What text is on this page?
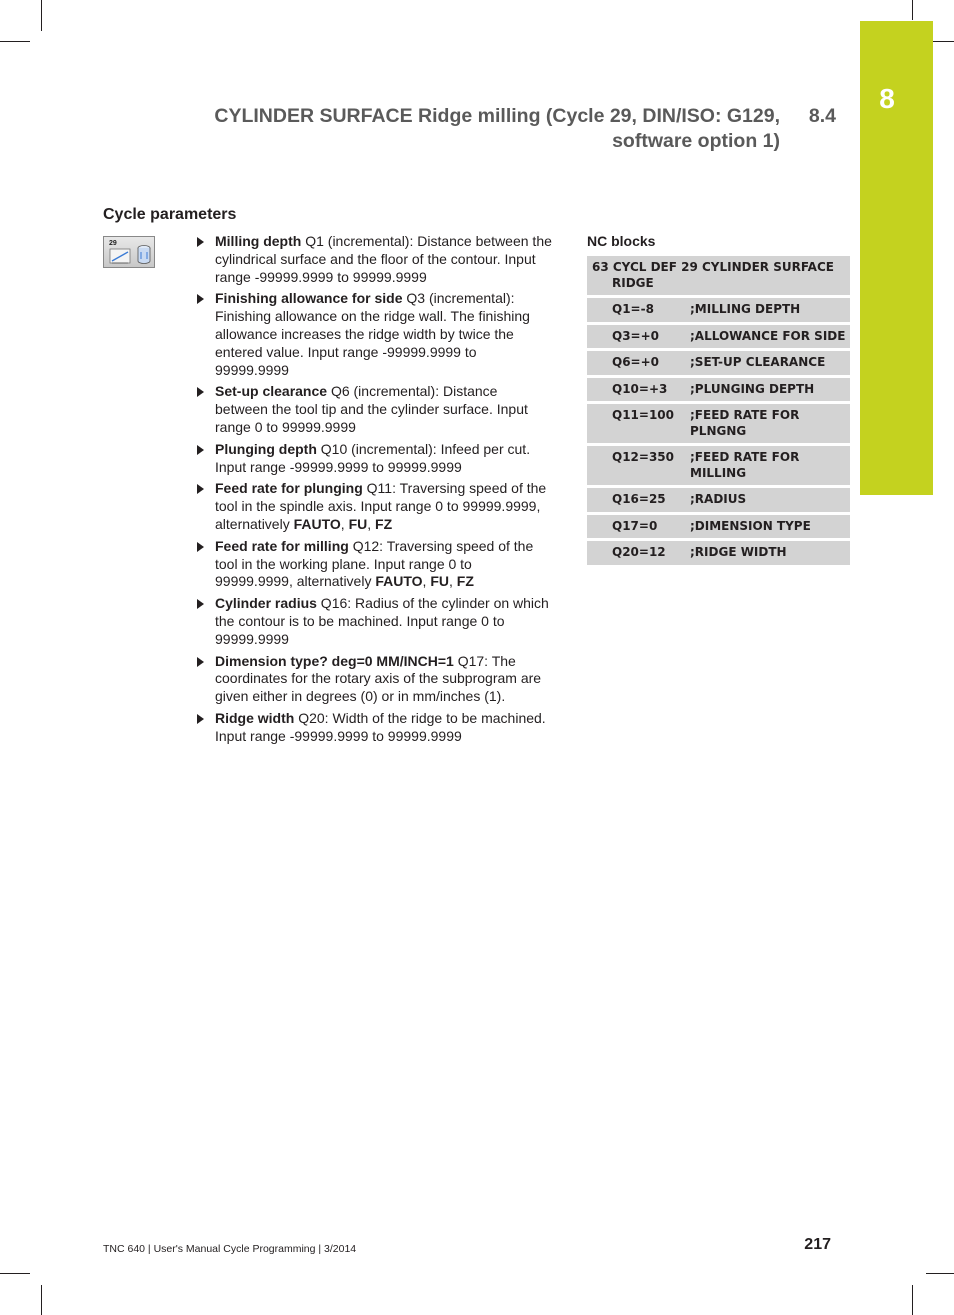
8
CYLINDER SURFACE Ridge milling (Cycle 29, DIN/ISO: G129,
software option 1)
8.4
Cycle parameters
29	Milling depth Q1 (incremental): Distance between the cylindrical surface and the floor of the contour. Input range -99999.9999 to 99999.9999
Finishing allowance for side Q3 (incremental): Finishing allowance on the ridge wall. The finishing allowance increases the ridge width by twice the entered value. Input range -99999.9999 to 99999.9999
Set-up clearance Q6 (incremental): Distance between the tool tip and the cylinder surface. Input range 0 to 99999.9999
Plunging depth Q10 (incremental): Infeed per cut. Input range -99999.9999 to 99999.9999
Feed rate for plunging Q11: Traversing speed of the tool in the spindle axis. Input range 0 to 99999.9999, alternatively FAUTO, FU, FZ
Feed rate for milling Q12: Traversing speed of the tool in the working plane. Input range 0 to 99999.9999, alternatively FAUTO, FU, FZ
Cylinder radius Q16: Radius of the cylinder on which the contour is to be machined. Input range 0 to 99999.9999
Dimension type? deg=0 MM/INCH=1 Q17: The coordinates for the rotary axis of the subprogram are given either in degrees (0) or in mm/inches (1).
Ridge width Q20: Width of the ridge to be machined. Input range -99999.9999 to 99999.9999
NC blocks
63 CYCL DEF 29 CYLINDER SURFACE
RIDGE	

Q1=-8	;MILLING DEPTH
Q3=+0	;ALLOWANCE FOR SIDE
Q6=+0	;SET-UP CLEARANCE
Q10=+3	;PLUNGING DEPTH
Q11=100	;FEED RATE FOR PLNGNG
Q12=350	;FEED RATE FOR MILLING
Q16=25	;RADIUS
Q17=0	;DIMENSION TYPE
Q20=12	;RIDGE WIDTH
TNC 640 | User's Manual Cycle Programming | 3/2014	217
